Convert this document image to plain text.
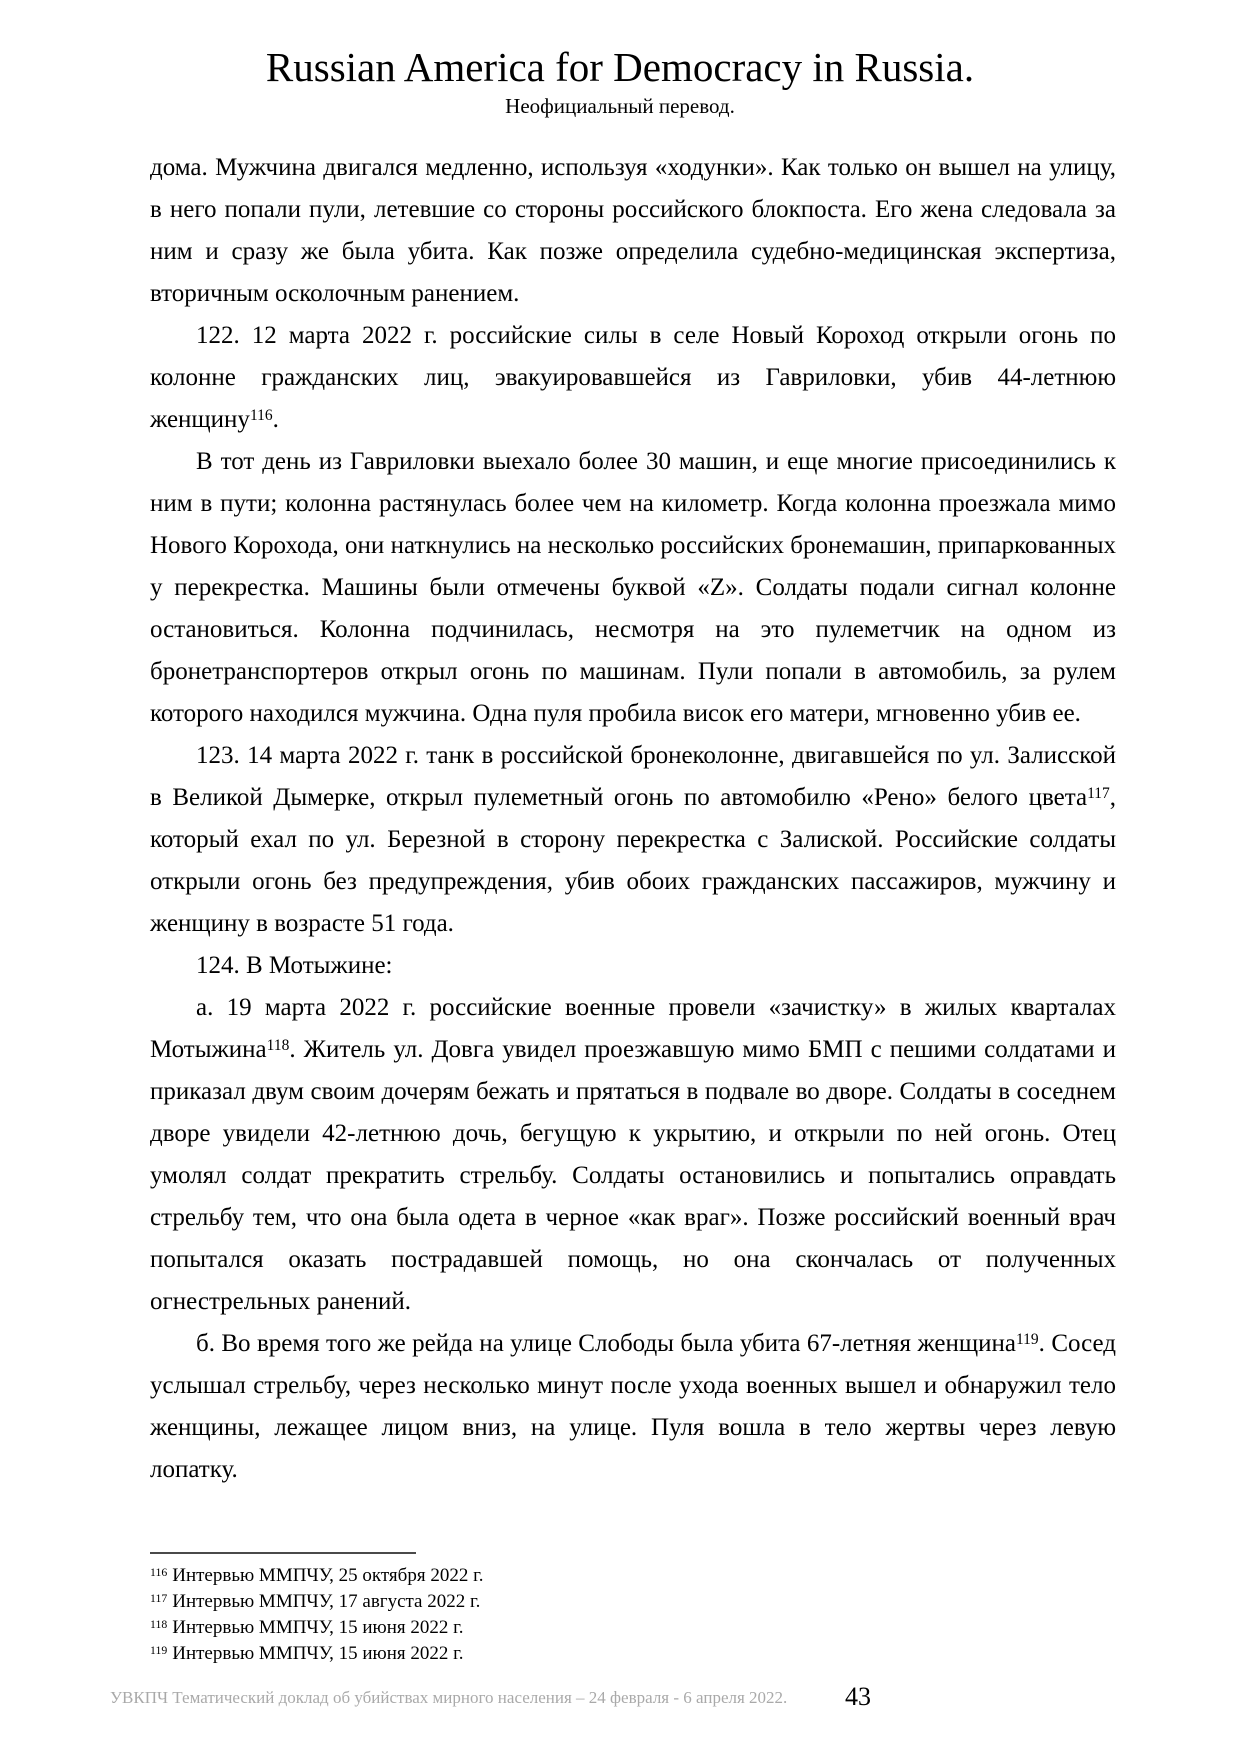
Russian America for Democracy in Russia.
Неофициальный перевод.

дома. Мужчина двигался медленно, используя «ходунки». Как только он вышел на улицу, в него попали пули, летевшие со стороны российского блокпоста. Его жена следовала за ним и сразу же была убита. Как позже определила судебно-медицинская экспертиза, вторичным осколочным ранением.

122. 12 марта 2022 г. российские силы в селе Новый Короход открыли огонь по колонне гражданских лиц, эвакуировавшейся из Гавриловки, убив 44-летнюю женщину$^{116}$.

В тот день из Гавриловки выехало более 30 машин, и еще многие присоединились к ним в пути; колонна растянулась более чем на километр. Когда колонна проезжала мимо Нового Корохода, они наткнулись на несколько российских бронемашин, припаркованных у перекрестка. Машины были отмечены буквой «Z». Солдаты подали сигнал колонне остановиться. Колонна подчинилась, несмотря на это пулеметчик на одном из бронетранспортеров открыл огонь по машинам. Пули попали в автомобиль, за рулем которого находился мужчина. Одна пуля пробила висок его матери, мгновенно убив ее.

123. 14 марта 2022 г. танк в российской бронеколонне, двигавшейся по ул. Залисской в Великой Дымерке, открыл пулеметный огонь по автомобилю «Рено» белого цвета$^{117}$, который ехал по ул. Березной в сторону перекрестка с Залиской. Российские солдаты открыли огонь без предупреждения, убив обоих гражданских пассажиров, мужчину и женщину в возрасте 51 года.

124. В Мотыжине:

а. 19 марта 2022 г. российские военные провели «зачистку» в жилых кварталах Мотыжина$^{118}$. Житель ул. Довга увидел проезжавшую мимо БМП с пешими солдатами и приказал двум своим дочерям бежать и прятаться в подвале во дворе. Солдаты в соседнем дворе увидели 42-летнюю дочь, бегущую к укрытию, и открыли по ней огонь. Отец умолял солдат прекратить стрельбу. Солдаты остановились и попытались оправдать стрельбу тем, что она была одета в черное «как враг». Позже российский военный врач попытался оказать пострадавшей помощь, но она скончалась от полученных огнестрельных ранений.

б. Во время того же рейда на улице Слободы была убита 67-летняя женщина$^{119}$. Сосед услышал стрельбу, через несколько минут после ухода военных вышел и обнаружил тело женщины, лежащее лицом вниз, на улице. Пуля вошла в тело жертвы через левую лопатку.

$^{116}$ Интервью ММПЧУ, 25 октября 2022 г.

$^{117}$ Интервью ММПЧУ, 17 августа 2022 г.

$^{118}$ Интервью ММПЧУ, 15 июня 2022 г.

$^{119}$ Интервью ММПЧУ, 15 июня 2022 г.

УВКПЧ Тематический доклад об убийствах мирного населения – 24 февраля - 6 апреля 2022. 43
